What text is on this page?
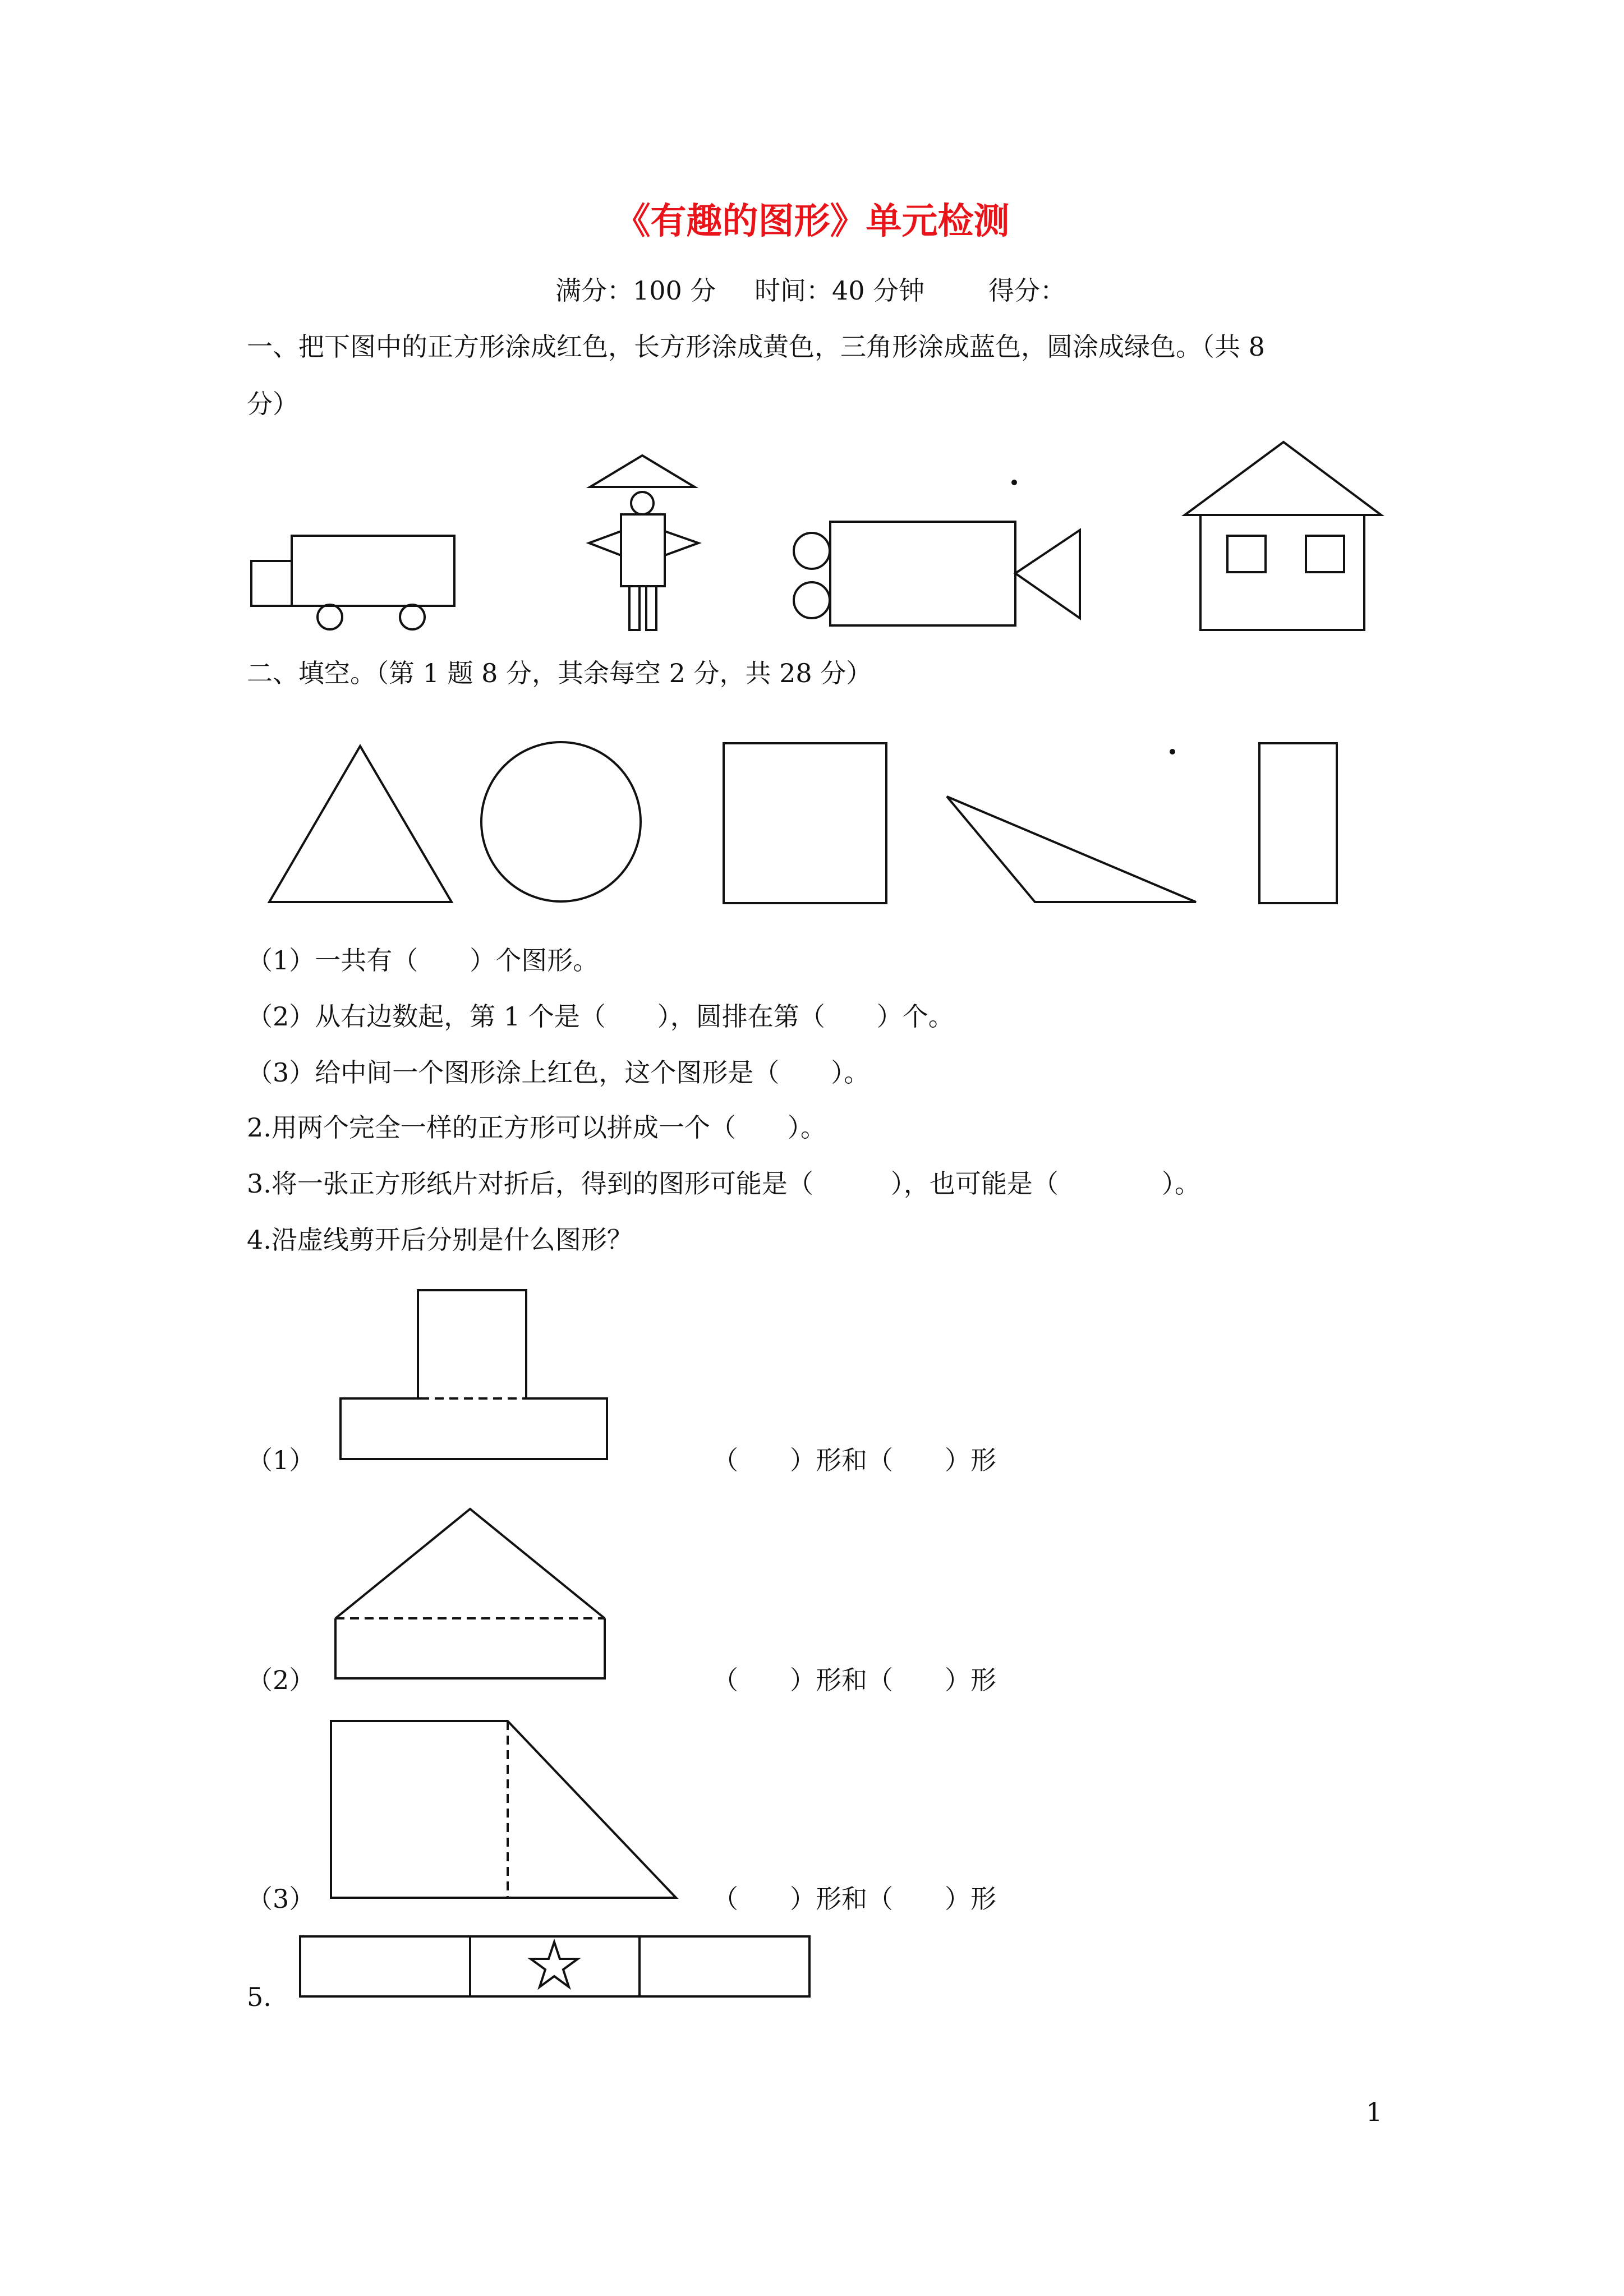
《有趣的图形》单元检测
满分：100 分 时间：40 分钟 得分：
一、把下图中的正方形涂成红色，长方形涂成黄色，三角形涂成蓝色，圆涂成绿色。（共 8
分）
二、填空。（第 1 题 8 分，其余每空 2 分，共 28 分）
（1）一共有（　　）个图形。
（2）从右边数起，第 1 个是（　　），圆排在第（　　）个。
（3）给中间一个图形涂上红色，这个图形是（　　）。
2.用两个完全一样的正方形可以拼成一个（　　）。
3.将一张正方形纸片对折后，得到的图形可能是（　　　），也可能是（　　　　）。
4.沿虚线剪开后分别是什么图形？
（1）	（　　）形和（　　）形
（2）	（　　）形和（　　）形
（3）	（　　）形和（　　）形
5.
1
